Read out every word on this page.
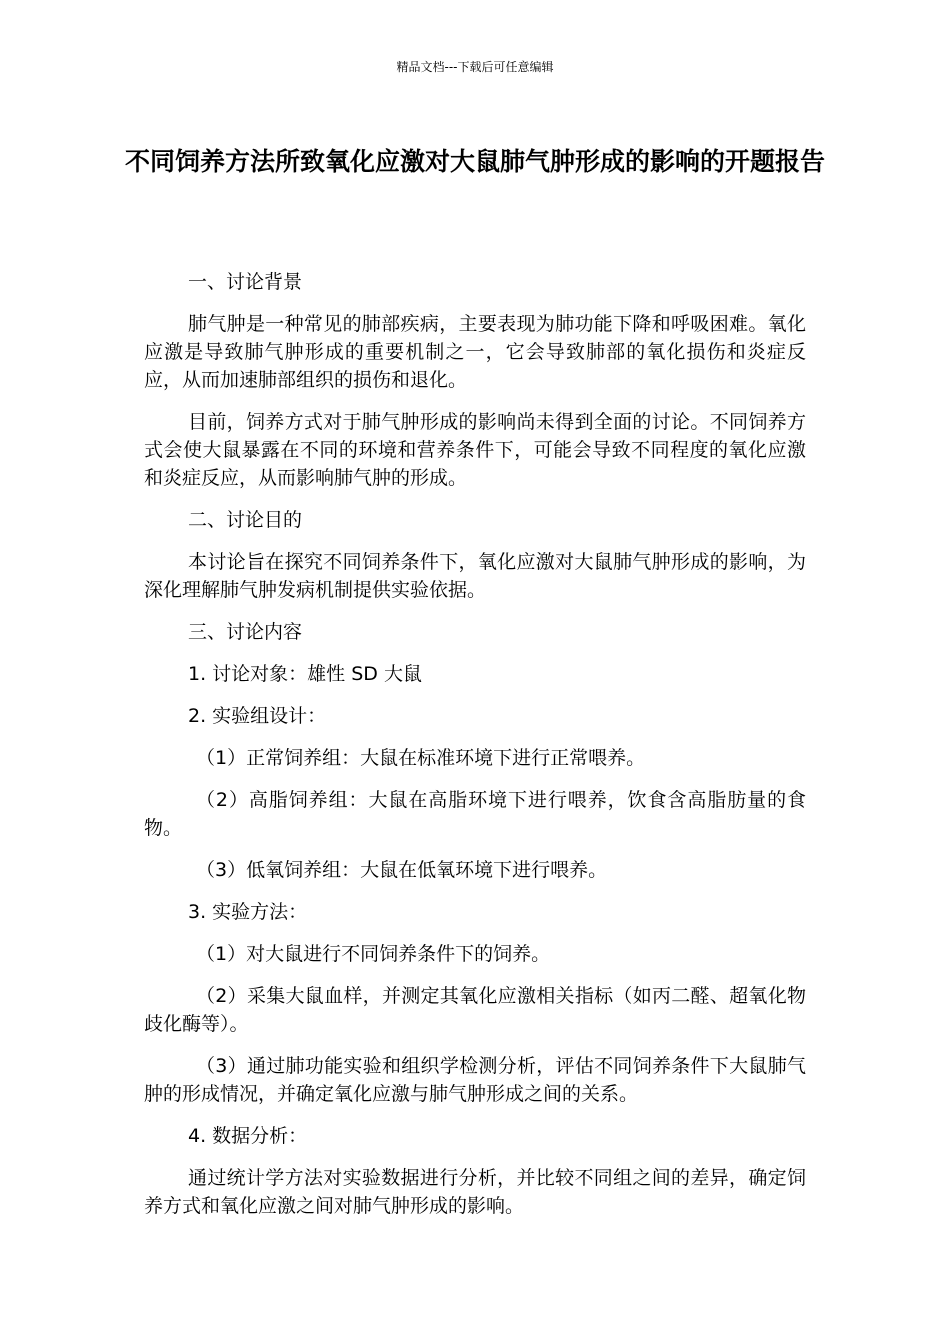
精品文档---下载后可任意编辑
不同饲养方法所致氧化应激对大鼠肺气肿形成的影响的开题报告

一、讨论背景

肺气肿是一种常见的肺部疾病，主要表现为肺功能下降和呼吸困难。氧化应激是导致肺气肿形成的重要机制之一，它会导致肺部的氧化损伤和炎症反应，从而加速肺部组织的损伤和退化。

目前，饲养方式对于肺气肿形成的影响尚未得到全面的讨论。不同饲养方式会使大鼠暴露在不同的环境和营养条件下，可能会导致不同程度的氧化应激和炎症反应，从而影响肺气肿的形成。

二、讨论目的

本讨论旨在探究不同饲养条件下，氧化应激对大鼠肺气肿形成的影响，为深化理解肺气肿发病机制提供实验依据。

三、讨论内容

1. 讨论对象：雄性 SD 大鼠

2. 实验组设计：

（1）正常饲养组：大鼠在标准环境下进行正常喂养。

（2）高脂饲养组：大鼠在高脂环境下进行喂养，饮食含高脂肪量的食物。

（3）低氧饲养组：大鼠在低氧环境下进行喂养。

3. 实验方法：

（1）对大鼠进行不同饲养条件下的饲养。

（2）采集大鼠血样，并测定其氧化应激相关指标（如丙二醛、超氧化物歧化酶等）。

（3）通过肺功能实验和组织学检测分析，评估不同饲养条件下大鼠肺气肿的形成情况，并确定氧化应激与肺气肿形成之间的关系。

4. 数据分析：

通过统计学方法对实验数据进行分析，并比较不同组之间的差异，确定饲养方式和氧化应激之间对肺气肿形成的影响。
